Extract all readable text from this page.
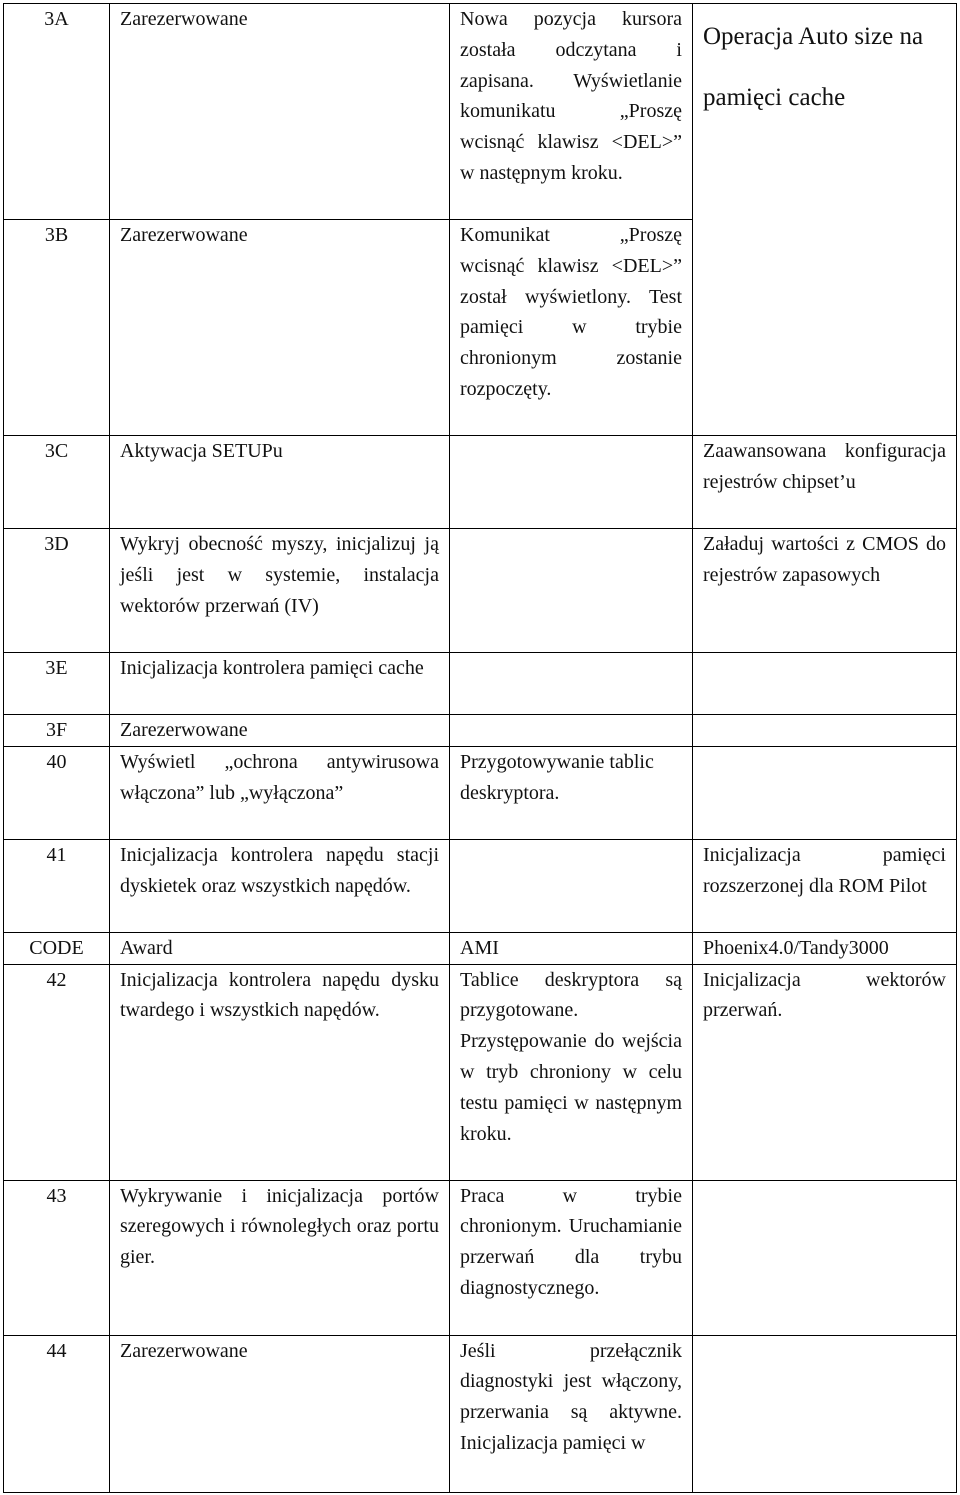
3A	Zarezerwowane	Nowa pozycja kursora została odczytana i zapisana. Wyświetlanie komunikatu „Proszę wcisnąć klawisz <DEL>” w następnym kroku.	Operacja Auto size na pamięci cache
3B	Zarezerwowane	Komunikat „Proszę wcisnąć klawisz <DEL>” został wyświetlony. Test pamięci w trybie chronionym zostanie rozpoczęty.	
3C	Aktywacja SETUPu		Zaawansowana konfiguracja rejestrów chipset’u
3D	Wykryj obecność myszy, inicjalizuj ją jeśli jest w systemie, instalacja wektorów przerwań (IV)		Załaduj wartości z CMOS do rejestrów zapasowych
3E	Inicjalizacja kontrolera pamięci cache		
3F	Zarezerwowane		
40	Wyświetl „ochrona antywirusowa włączona” lub „wyłączona”	Przygotowywanie tablic deskryptora.	
41	Inicjalizacja kontrolera napędu stacji dyskietek oraz wszystkich napędów.		Inicjalizacja pamięci rozszerzonej dla ROM Pilot
CODE	Award	AMI	Phoenix4.0/Tandy3000
42	Inicjalizacja kontrolera napędu dysku twardego i wszystkich napędów.	Tablice deskryptora są przygotowane. Przystępowanie do wejścia w tryb chroniony w celu testu pamięci w następnym kroku.	Inicjalizacja wektorów przerwań.
43	Wykrywanie i inicjalizacja portów szeregowych i równoległych oraz portu gier.	Praca w trybie chronionym. Uruchamianie przerwań dla trybu diagnostycznego.	
44	Zarezerwowane	Jeśli przełącznik diagnostyki jest włączony, przerwania są aktywne. Inicjalizacja pamięci w	
